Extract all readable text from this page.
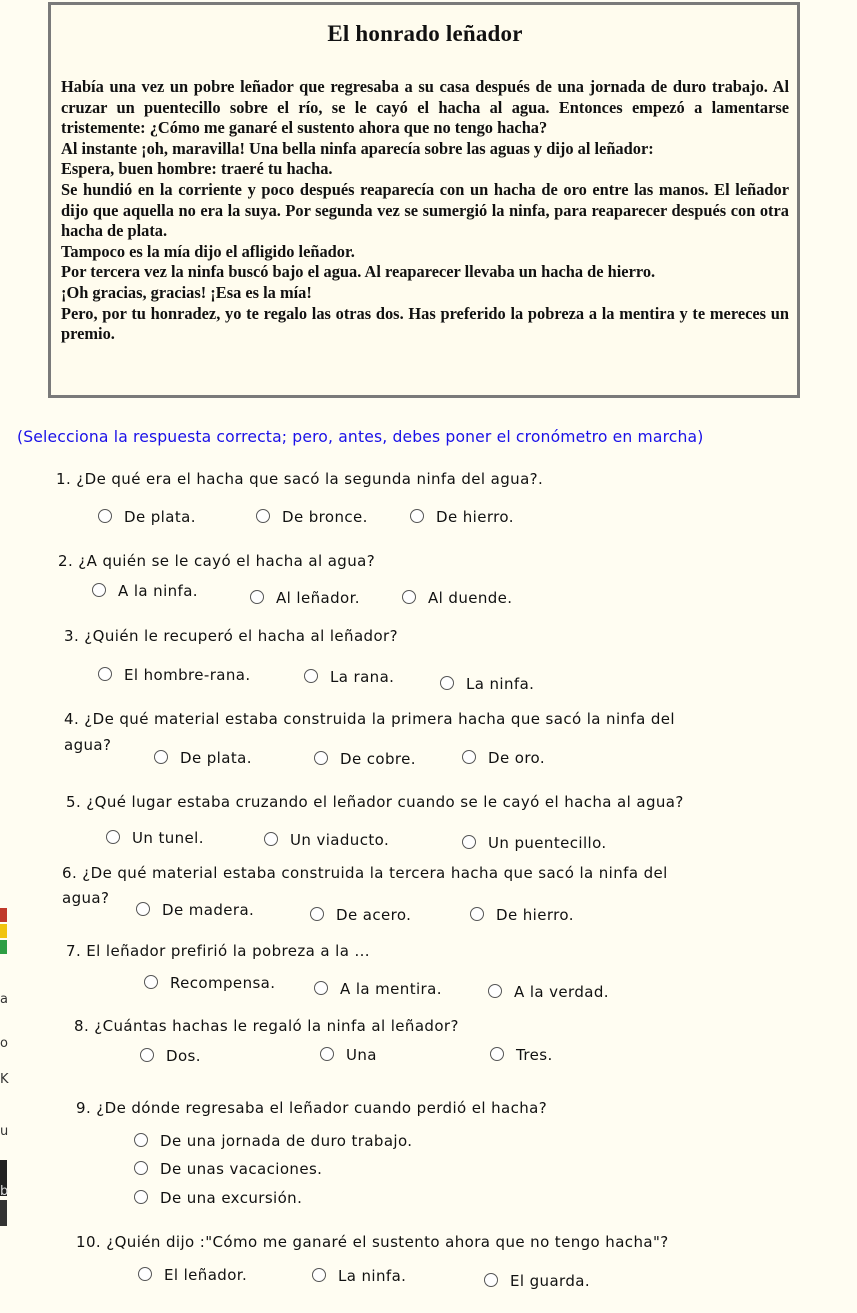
El honrado leñador

Había una vez un pobre leñador que regresaba a su casa después de una jornada de duro trabajo. Al cruzar un puentecillo sobre el río, se le cayó el hacha al agua. Entonces empezó a lamentarse tristemente: ¿Cómo me ganaré el sustento ahora que no tengo hacha?

Al instante ¡oh, maravilla! Una bella ninfa aparecía sobre las aguas y dijo al leñador:

Espera, buen hombre: traeré tu hacha.

Se hundió en la corriente y poco después reaparecía con un hacha de oro entre las manos. El leñador dijo que aquella no era la suya. Por segunda vez se sumergió la ninfa, para reaparecer después con otra hacha de plata.

Tampoco es la mía dijo el afligido leñador.

Por tercera vez la ninfa buscó bajo el agua. Al reaparecer llevaba un hacha de hierro.

¡Oh gracias, gracias! ¡Esa es la mía!

Pero, por tu honradez, yo te regalo las otras dos. Has preferido la pobreza a la mentira y te mereces un premio.

(Selecciona la respuesta correcta; pero, antes, debes poner el cronómetro en marcha)
a
o
K
u
b
1. ¿De qué era el hacha que sacó la segunda ninfa del agua?.
De plata.	De bronce.	De hierro.
2. ¿A quién se le cayó el hacha al agua?
A la ninfa.	Al leñador.	Al duende.
3. ¿Quién le recuperó el hacha al leñador?
El hombre-rana.	La rana.	La ninfa.
4. ¿De qué material estaba construida la primera hacha que sacó la ninfa del
agua?
De plata.	De cobre.	De oro.
5. ¿Qué lugar estaba cruzando el leñador cuando se le cayó el hacha al agua?
Un tunel.	Un viaducto.	Un puentecillo.
6. ¿De qué material estaba construida la tercera hacha que sacó la ninfa del
agua?
De madera.	De acero.	De hierro.
7. El leñador prefirió la pobreza a la ...
Recompensa.	A la mentira.	A la verdad.
8. ¿Cuántas hachas le regaló la ninfa al leñador?
Dos.	Una	Tres.
9. ¿De dónde regresaba el leñador cuando perdió el hacha?
De una jornada de duro trabajo.
De unas vacaciones.
De una excursión.
10. ¿Quién dijo :"Cómo me ganaré el sustento ahora que no tengo hacha"?
El leñador.	La ninfa.	El guarda.
